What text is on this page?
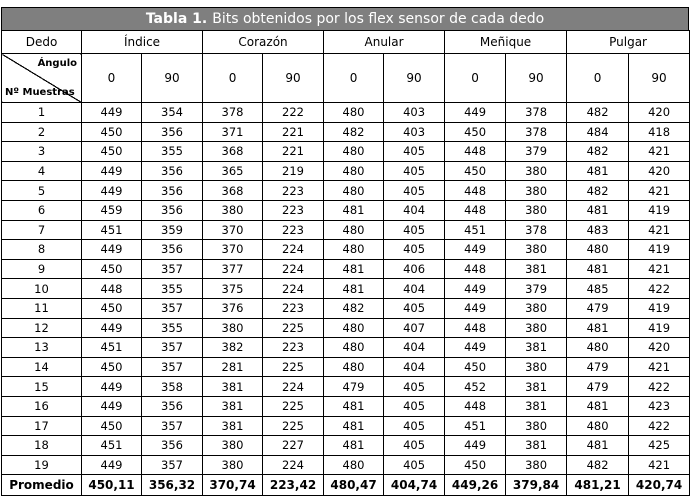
Tabla 1. Bits obtenidos por los flex sensor de cada dedo
Dedo	Índice		Corazón		Anular		Meñique		Pulgar	

Ángulo
Nº Muestras	0	90	0	90	0	90	0	90	0	90
1	449	354	378	222	480	403	449	378	482	420
2	450	356	371	221	482	403	450	378	484	418
3	450	355	368	221	480	405	448	379	482	421
4	449	356	365	219	480	405	450	380	481	420
5	449	356	368	223	480	405	448	380	482	421
6	459	356	380	223	481	404	448	380	481	419
7	451	359	370	223	480	405	451	378	483	421
8	449	356	370	224	480	405	449	380	480	419
9	450	357	377	224	481	406	448	381	481	421
10	448	355	375	224	481	404	449	379	485	422
11	450	357	376	223	482	405	449	380	479	419
12	449	355	380	225	480	407	448	380	481	419
13	451	357	382	223	480	404	449	381	480	420
14	450	357	281	225	480	404	450	380	479	421
15	449	358	381	224	479	405	452	381	479	422
16	449	356	381	225	481	405	448	381	481	423
17	450	357	381	225	481	405	451	380	480	422
18	451	356	380	227	481	405	449	381	481	425
19	449	357	380	224	480	405	450	380	482	421
Promedio	450,11	356,32	370,74	223,42	480,47	404,74	449,26	379,84	481,21	420,74
